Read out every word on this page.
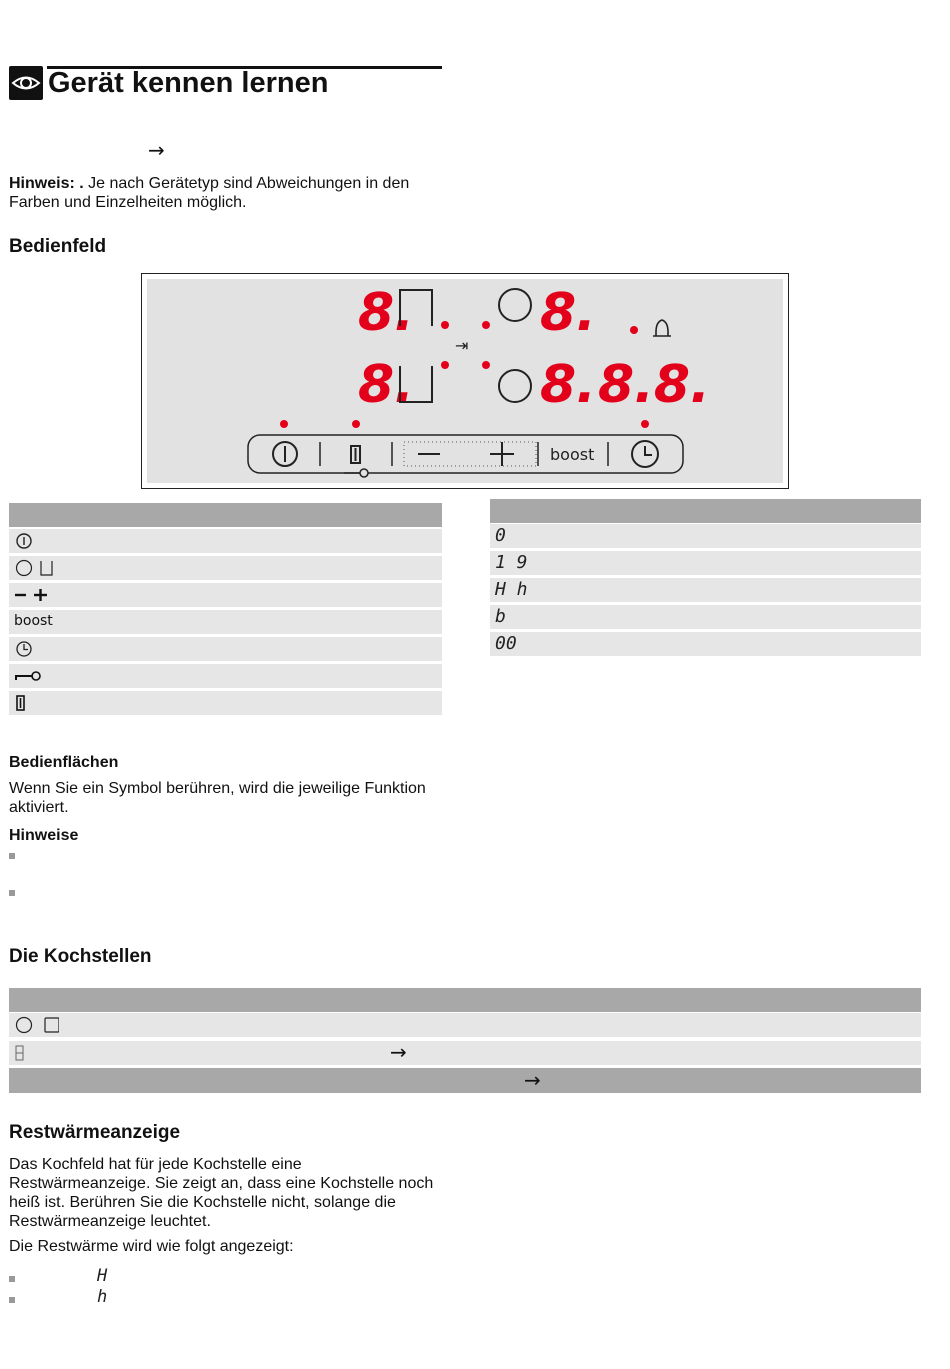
Gerät kennen lernen
→
Hinweis: . Je nach Gerätetyp sind Abweichungen in den Farben und Einzelheiten möglich.
Bedienfeld
8. 8.
⇥
8. 8. 8.8.
boost
boost
0
1 9
H h
b
00
Bedienflächen
Wenn Sie ein Symbol berühren, wird die jeweilige Funktion aktiviert.
Hinweise
Die Kochstellen
→
→
Restwärmeanzeige
Das Kochfeld hat für jede Kochstelle eine Restwärmeanzeige. Sie zeigt an, dass eine Kochstelle noch heiß ist. Berühren Sie die Kochstelle nicht, solange die Restwärmeanzeige leuchtet.
Die Restwärme wird wie folgt angezeigt:
H
h
